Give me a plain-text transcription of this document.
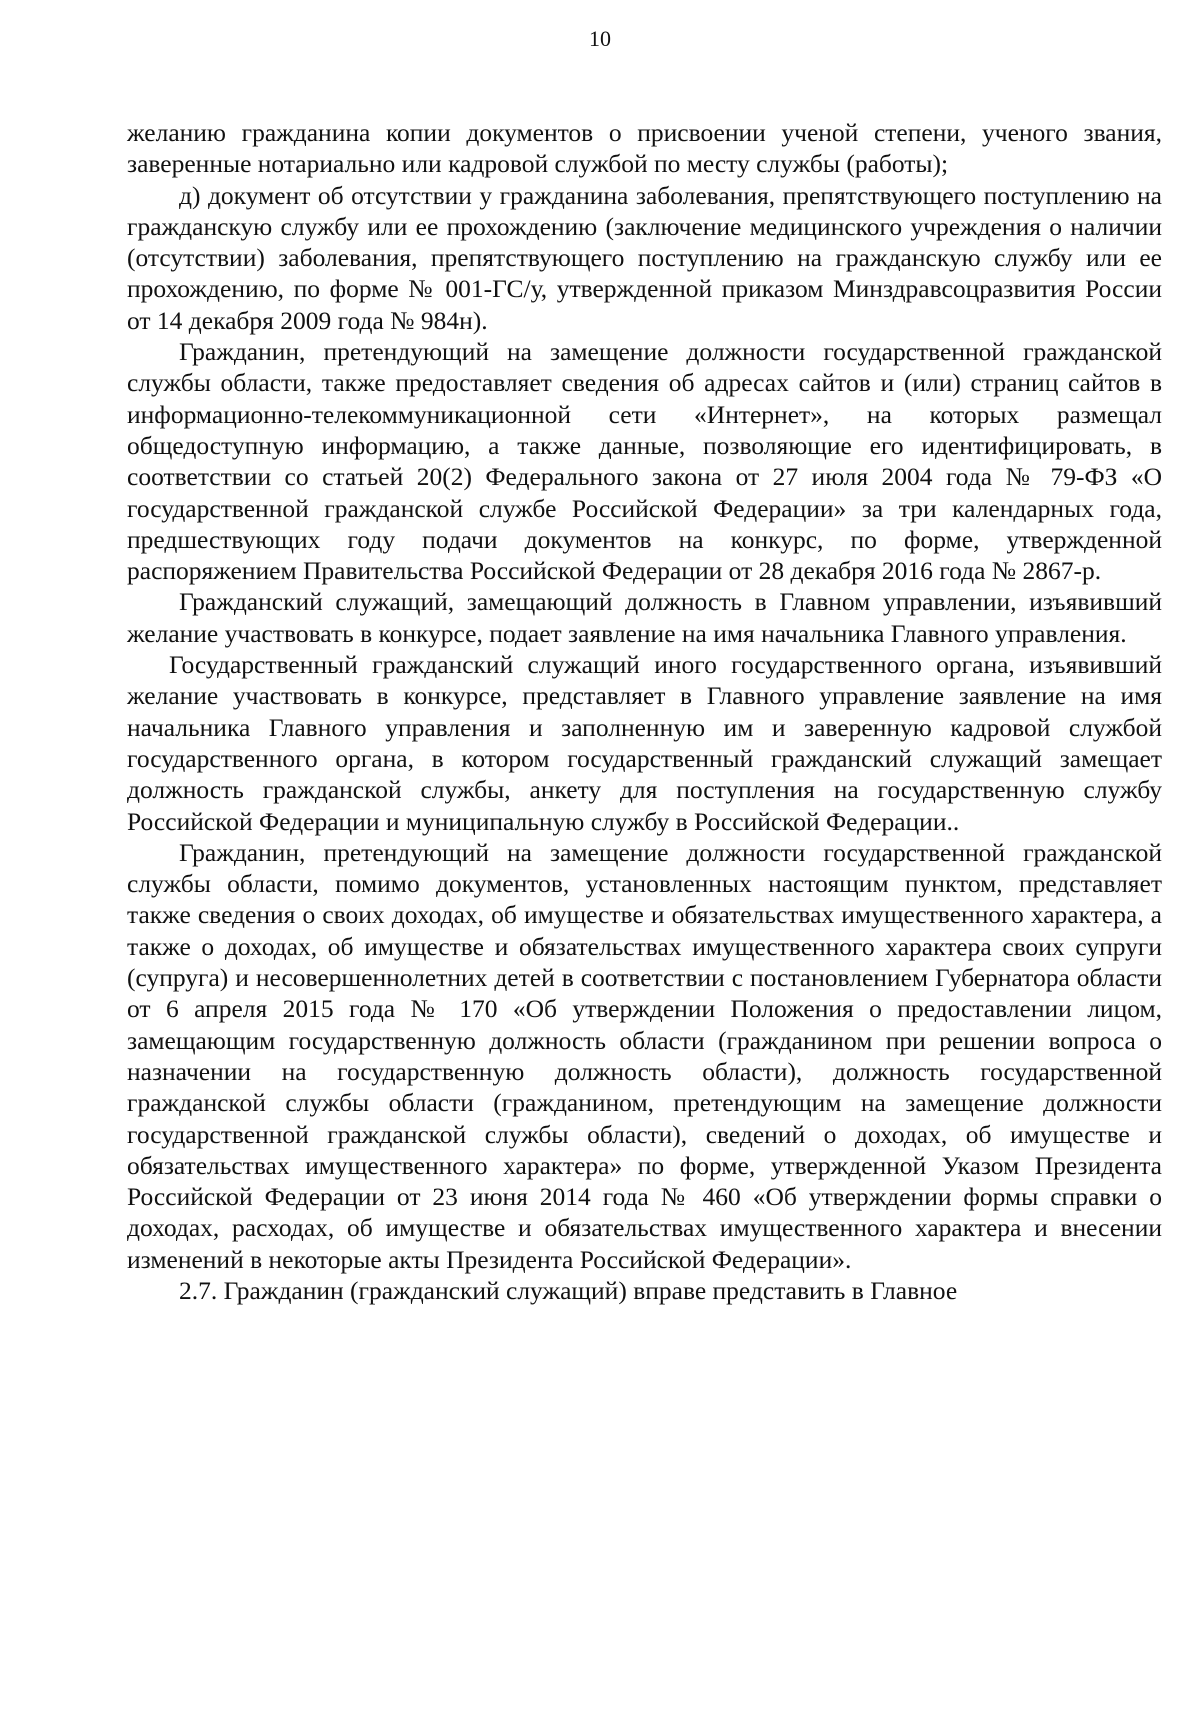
10

желанию гражданина копии документов о присвоении ученой степени, ученого звания, заверенные нотариально или кадровой службой по месту службы (работы);

д) документ об отсутствии у гражданина заболевания, препятствующего поступлению на гражданскую службу или ее прохождению (заключение медицинского учреждения о наличии (отсутствии) заболевания, препятствующего поступлению на гражданскую службу или ее прохождению, по форме № 001-ГС/у, утвержденной приказом Минздравсоцразвития России от 14 декабря 2009 года № 984н).

Гражданин, претендующий на замещение должности государственной гражданской службы области, также предоставляет сведения об адресах сайтов и (или) страниц сайтов в информационно-телекоммуникационной сети «Интернет», на которых размещал общедоступную информацию, а также данные, позволяющие его идентифицировать, в соответствии со статьей 20(2) Федерального закона от 27 июля 2004 года № 79-ФЗ «О государственной гражданской службе Российской Федерации» за три календарных года, предшествующих году подачи документов на конкурс, по форме, утвержденной распоряжением Правительства Российской Федерации от 28 декабря 2016 года № 2867-р.

Гражданский служащий, замещающий должность в Главном управлении, изъявивший желание участвовать в конкурсе, подает заявление на имя начальника Главного управления.

Государственный гражданский служащий иного государственного органа, изъявивший желание участвовать в конкурсе, представляет в Главного управление заявление на имя начальника Главного управления и заполненную им и заверенную кадровой службой государственного органа, в котором государственный гражданский служащий замещает должность гражданской службы, анкету для поступления на государственную службу Российской Федерации и муниципальную службу в Российской Федерации..

Гражданин, претендующий на замещение должности государственной гражданской службы области, помимо документов, установленных настоящим пунктом, представляет также сведения о своих доходах, об имуществе и обязательствах имущественного характера, а также о доходах, об имуществе и обязательствах имущественного характера своих супруги (супруга) и несовершеннолетних детей в соответствии с постановлением Губернатора области от 6 апреля 2015 года № 170 «Об утверждении Положения о предоставлении лицом, замещающим государственную должность области (гражданином при решении вопроса о назначении на государственную должность области), должность государственной гражданской службы области (гражданином, претендующим на замещение должности государственной гражданской службы области), сведений о доходах, об имуществе и обязательствах имущественного характера» по форме, утвержденной Указом Президента Российской Федерации от 23 июня 2014 года № 460 «Об утверждении формы справки о доходах, расходах, об имуществе и обязательствах имущественного характера и внесении изменений в некоторые акты Президента Российской Федерации».

2.7. Гражданин (гражданский служащий) вправе представить в Главное
